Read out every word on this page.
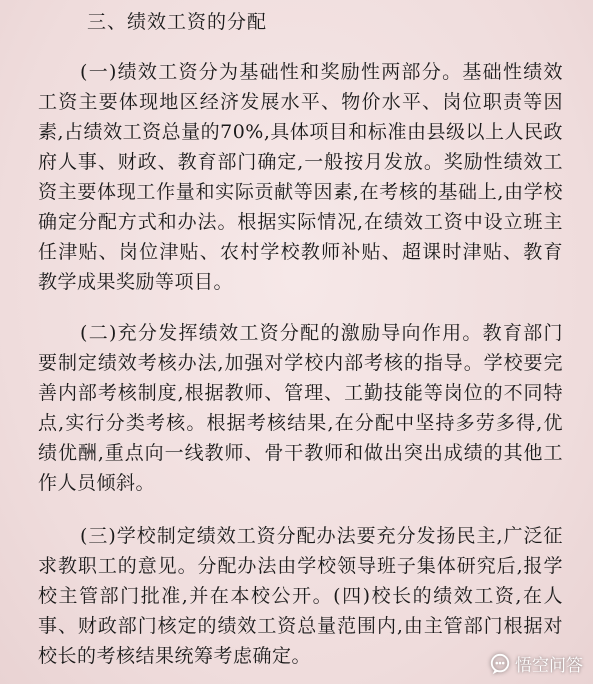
三、绩效工资的分配
(一)绩效工资分为基础性和奖励性两部分。基础性绩效工资主要体现地区经济发展水平、物价水平、岗位职责等因素,占绩效工资总量的70%,具体项目和标准由县级以上人民政府人事、财政、教育部门确定,一般按月发放。奖励性绩效工资主要体现工作量和实际贡献等因素,在考核的基础上,由学校确定分配方式和办法。根据实际情况,在绩效工资中设立班主任津贴、岗位津贴、农村学校教师补贴、超课时津贴、教育教学成果奖励等项目。
(二)充分发挥绩效工资分配的激励导向作用。教育部门要制定绩效考核办法,加强对学校内部考核的指导。学校要完善内部考核制度,根据教师、管理、工勤技能等岗位的不同特点,实行分类考核。根据考核结果,在分配中坚持多劳多得,优绩优酬,重点向一线教师、骨干教师和做出突出成绩的其他工作人员倾斜。
(三)学校制定绩效工资分配办法要充分发扬民主,广泛征求教职工的意见。分配办法由学校领导班子集体研究后,报学校主管部门批准,并在本校公开。(四)校长的绩效工资,在人事、财政部门核定的绩效工资总量范围内,由主管部门根据对校长的考核结果统筹考虑确定。	悟空问答
